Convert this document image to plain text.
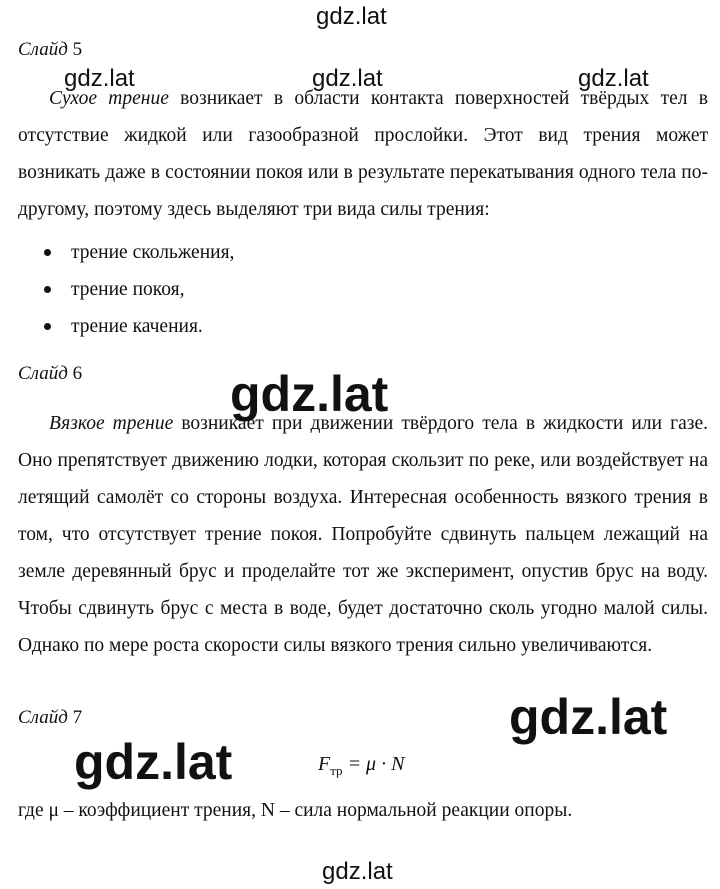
gdz.lat
gdz.lat	gdz.lat	gdz.lat
gdz.lat
gdz.lat
gdz.lat
gdz.lat
Слайд 5
Сухое трение возникает в области контакта поверхностей твёрдых тел в отсутствие жидкой или газообразной прослойки. Этот вид трения может возникать даже в состоянии покоя или в результате перекатывания одного тела по-другому, поэтому здесь выделяют три вида силы трения:
трение скольжения,
трение покоя,
трение качения.
Слайд 6
Вязкое трение возникает при движении твёрдого тела в жидкости или газе. Оно препятствует движению лодки, которая скользит по реке, или воздействует на летящий самолёт со стороны воздуха. Интересная особенность вязкого трения в том, что отсутствует трение покоя. Попробуйте сдвинуть пальцем лежащий на земле деревянный брус и проделайте тот же эксперимент, опустив брус на воду. Чтобы сдвинуть брус с места в воде, будет достаточно сколь угодно малой силы. Однако по мере роста скорости силы вязкого трения сильно увеличиваются.
Слайд 7
$F_{тр} = \mu \cdot N$
где μ – коэффициент трения, N – сила нормальной реакции опоры.
